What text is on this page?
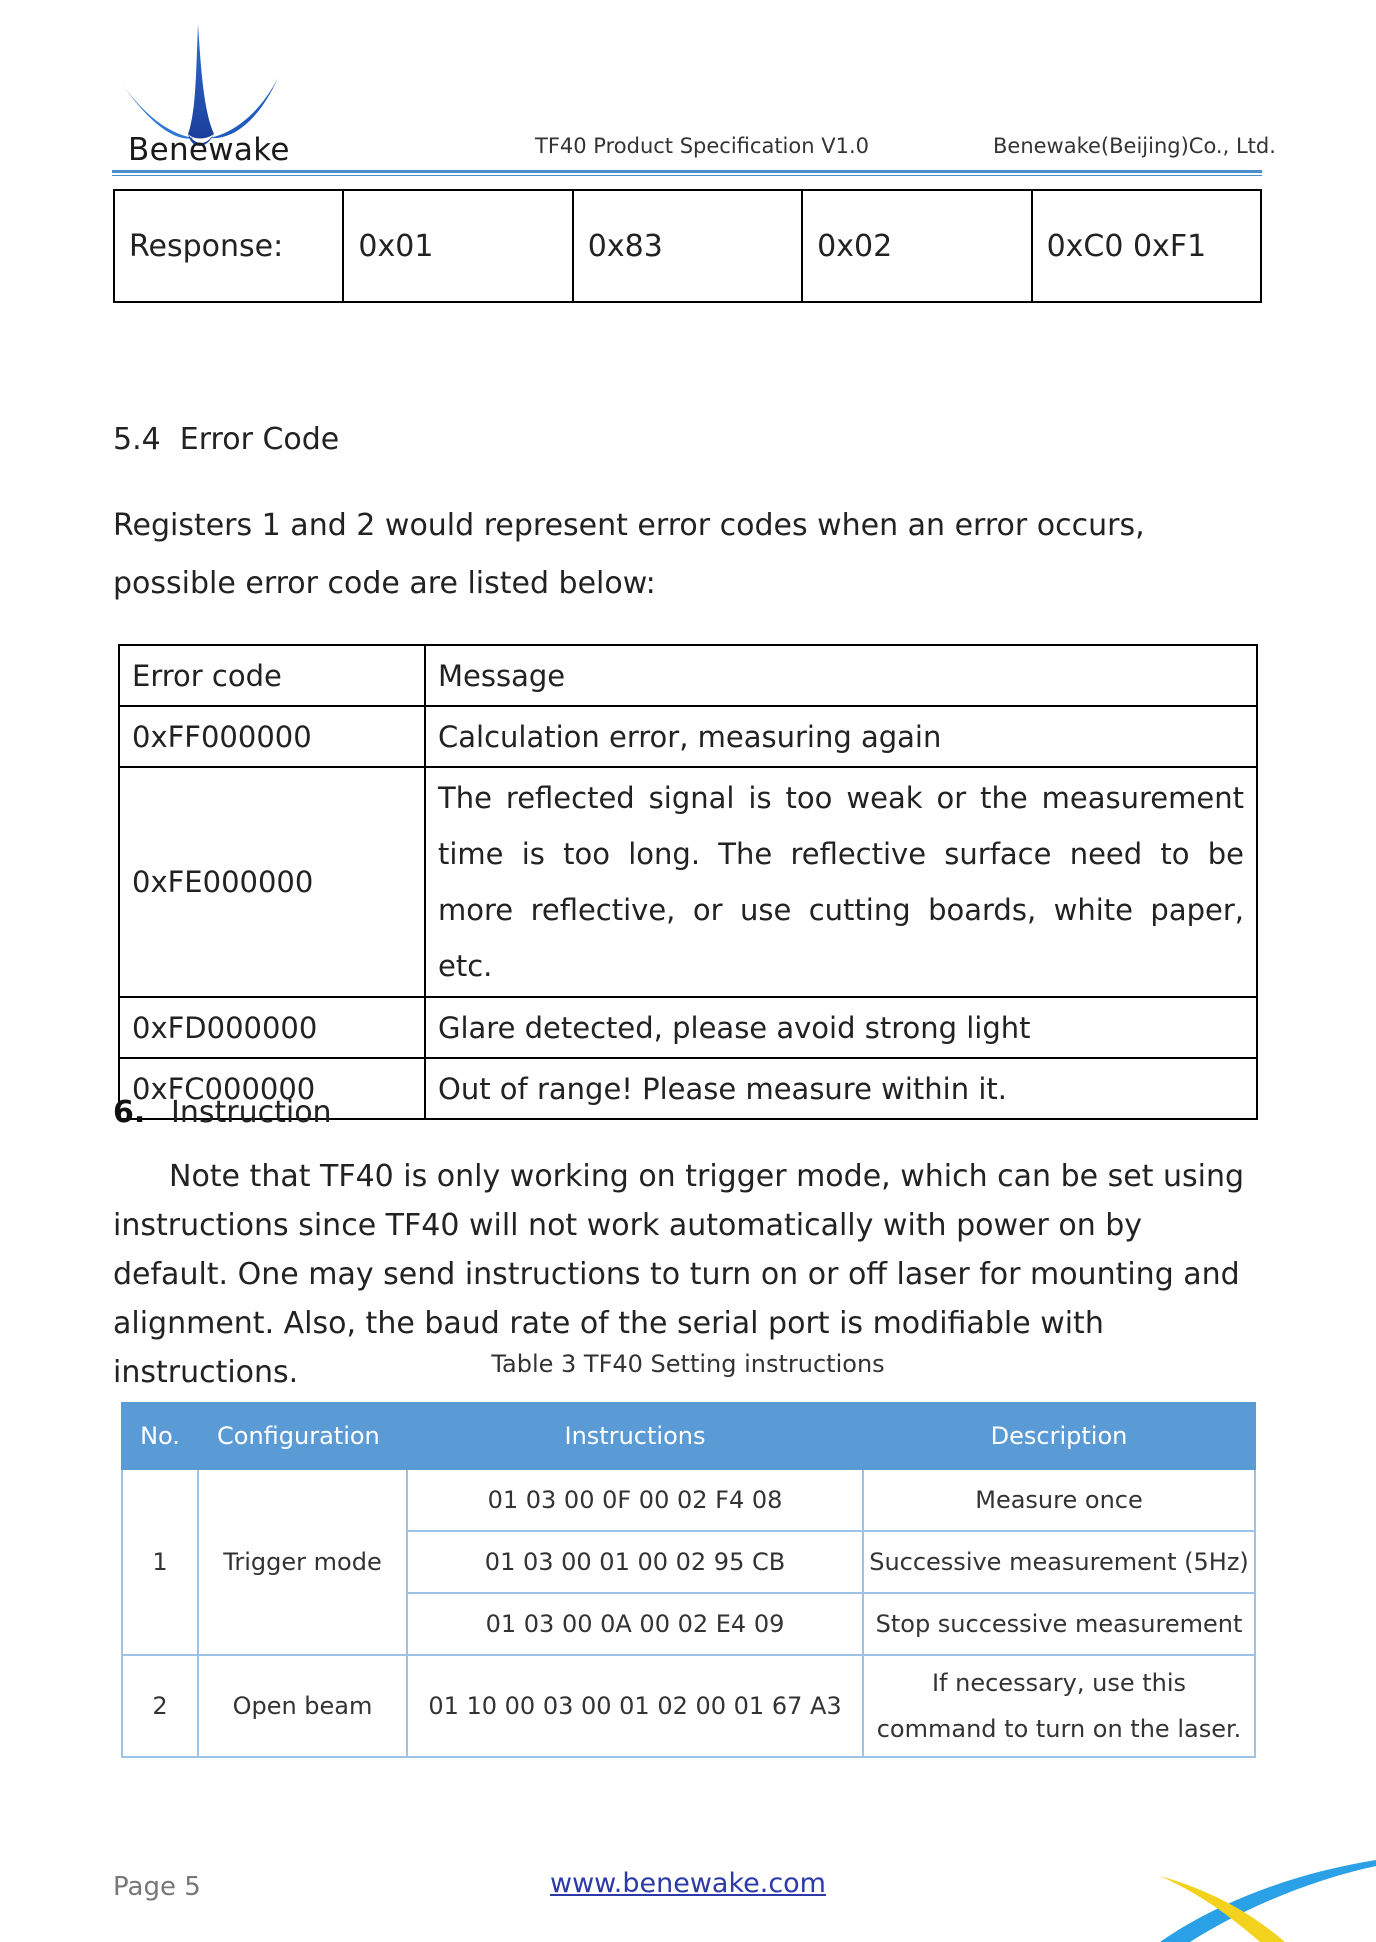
Benewake	TF40 Product Specification V1.0	Benewake(Beijing)Co., Ltd.
Response:	0x01	0x83	0x02	0xC0 0xF1
5.4  Error Code
Registers 1 and 2 would represent error codes when an error occurs, possible error code are listed below:
Error code	Message
0xFF000000	Calculation error, measuring again
0xFE000000	The reflected signal is too weak or the measurement time is too long. The reflective surface need to be more reflective, or use cutting boards, white paper, etc.
0xFD000000	Glare detected, please avoid strong light
0xFC000000	Out of range! Please measure within it.
6. Instruction
Note that TF40 is only working on trigger mode, which can be set using instructions since TF40 will not work automatically with power on by default. One may send instructions to turn on or off laser for mounting and alignment. Also, the baud rate of the serial port is modifiable with instructions.	Table 3 TF40 Setting instructions
No.	Configuration	Instructions	Description
1	Trigger mode	01 03 00 0F 00 02 F4 08	Measure once
		01 03 00 01 00 02 95 CB	Successive measurement (5Hz)
		01 03 00 0A 00 02 E4 09	Stop successive measurement
2	Open beam	01 10 00 03 00 01 02 00 01 67 A3	If necessary, use this command to turn on the laser.
Page 5	www.benewake.com
